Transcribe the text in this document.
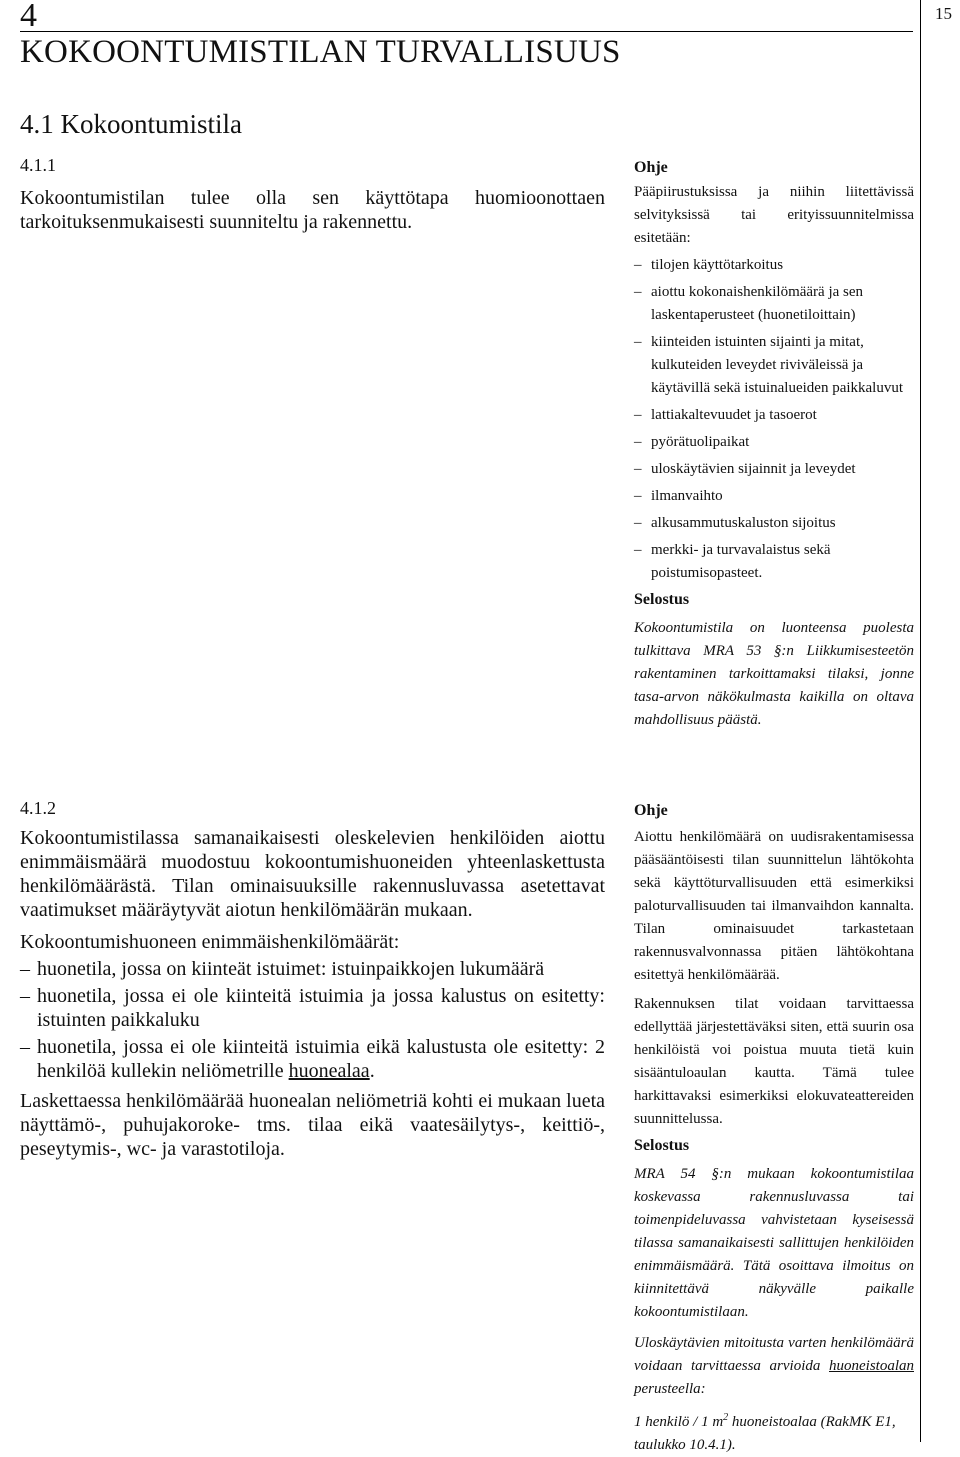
4
KOKOONTUMISTILAN TURVALLISUUS
15
4.1 Kokoontumistila
4.1.1
Kokoontumistilan tulee olla sen käyttötapa huomioonottaen tarkoituksenmukaisesti suunniteltu ja rakennettu.
Ohje
Pääpiirustuksissa ja niihin liitettävissä selvityksissä tai erityissuunnitelmissa esitetään:
– tilojen käyttötarkoitus
– aiottu kokonaishenkilömäärä ja sen laskentaperusteet (huonetiloittain)
– kiinteiden istuinten sijainti ja mitat, kulkuteiden leveydet riviväleissä ja käytävillä sekä istuinalueiden paikkaluvut
– lattiakaltevuudet ja tasoerot
– pyörätuolipaikat
– uloskäytävien sijainnit ja leveydet
– ilmanvaihto
– alkusammutuskaluston sijoitus
– merkki- ja turvavalaistus sekä poistumisopasteet.
Selostus
Kokoontumistila on luonteensa puolesta tulkittava MRA 53 §:n Liikkumisesteetön rakentaminen tarkoittamaksi tilaksi, jonne tasa-arvon näkökulmasta kaikilla on oltava mahdollisuus päästä.
4.1.2
Kokoontumistilassa samanaikaisesti oleskelevien henkilöiden aiottu enimmäismäärä muodostuu kokoontumishuoneiden yhteenlaskettusta henkilömäärästä. Tilan ominaisuuksille rakennusluvassa asetettavat vaatimukset määräytyvät aiotun henkilömäärän mukaan.
Kokoontumishuoneen enimmäishenkilömäärät:
– huonetila, jossa on kiinteät istuimet: istuinpaikkojen lukumäärä
– huonetila, jossa ei ole kiinteitä istuimia ja jossa kalustus on esitetty: istuinten paikkaluku
– huonetila, jossa ei ole kiinteitä istuimia eikä kalustusta ole esitetty: 2 henkilöä kullekin neliömetrille huonealaa.
Laskettaessa henkilömäärää huonealan neliömetriä kohti ei mukaan lueta näyttämö-, puhujakoroke- tms. tilaa eikä vaatesäilytys-, keittiö-, peseytymis-, wc- ja varastotiloja.
Ohje
Aiottu henkilömäärä on uudisrakentamisessa pääsääntöisesti tilan suunnittelun lähtökohta sekä käyttöturvallisuuden että esimerkiksi paloturvallisuuden tai ilmanvaihdon kannalta. Tilan ominaisuudet tarkastetaan rakennusvalvonnassa pitäen lähtökohtana esitettyä henkilömäärää.
Rakennuksen tilat voidaan tarvittaessa edellyttää järjestettäväksi siten, että suurin osa henkilöistä voi poistua muuta tietä kuin sisääntuloaulan kautta. Tämä tulee harkittavaksi esimerkiksi elokuvateattereiden suunnittelussa.
Selostus
MRA 54 §:n mukaan kokoontumistilaa koskevassa rakennusluvassa tai toimenpideluvassa vahvistetaan kyseisessä tilassa samanaikaisesti sallittujen henkilöiden enimmäismäärä. Tätä osoittava ilmoitus on kiinnitettävä näkyvälle paikalle kokoontumistilaan.
Uloskäytävien mitoitusta varten henkilömäärä voidaan tarvittaessa arvioida huoneistoalan perusteella:
1 henkilö / 1 $m^2$ huoneistoalaa (RakMK E1, taulukko 10.4.1).
